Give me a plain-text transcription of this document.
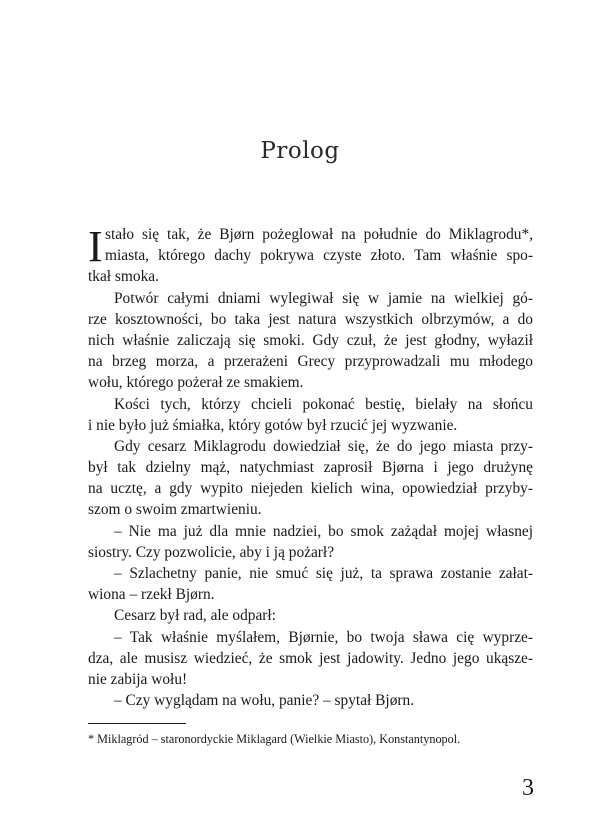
Prolog
I stało się tak, że Bjørn pożeglował na południe do Miklagrodu*,
miasta, którego dachy pokrywa czyste złoto. Tam właśnie spo-
tkał smoka.
Potwór całymi dniami wylegiwał się w jamie na wielkiej gó-
rze kosztowności, bo taka jest natura wszystkich olbrzymów, a do
nich właśnie zaliczają się smoki. Gdy czuł, że jest głodny, wyłaził
na brzeg morza, a przerażeni Grecy przyprowadzali mu młodego
wołu, którego pożerał ze smakiem.
Kości tych, którzy chcieli pokonać bestię, bielały na słońcu
i nie było już śmiałka, który gotów był rzucić jej wyzwanie.
Gdy cesarz Miklagrodu dowiedział się, że do jego miasta przy-
był tak dzielny mąż, natychmiast zaprosił Bjørna i jego drużynę
na ucztę, a gdy wypito niejeden kielich wina, opowiedział przyby-
szom o swoim zmartwieniu.
– Nie ma już dla mnie nadziei, bo smok zażądał mojej własnej
siostry. Czy pozwolicie, aby i ją pożarł?
– Szlachetny panie, nie smuć się już, ta sprawa zostanie załat-
wiona – rzekł Bjørn.
Cesarz był rad, ale odparł:
– Tak właśnie myślałem, Bjørnie, bo twoja sława cię wyprze-
dza, ale musisz wiedzieć, że smok jest jadowity. Jedno jego ukąsze-
nie zabija wołu!
– Czy wyglądam na wołu, panie? – spytał Bjørn.
* Miklagród – staronordyckie Miklagard (Wielkie Miasto), Konstantynopol.
3
